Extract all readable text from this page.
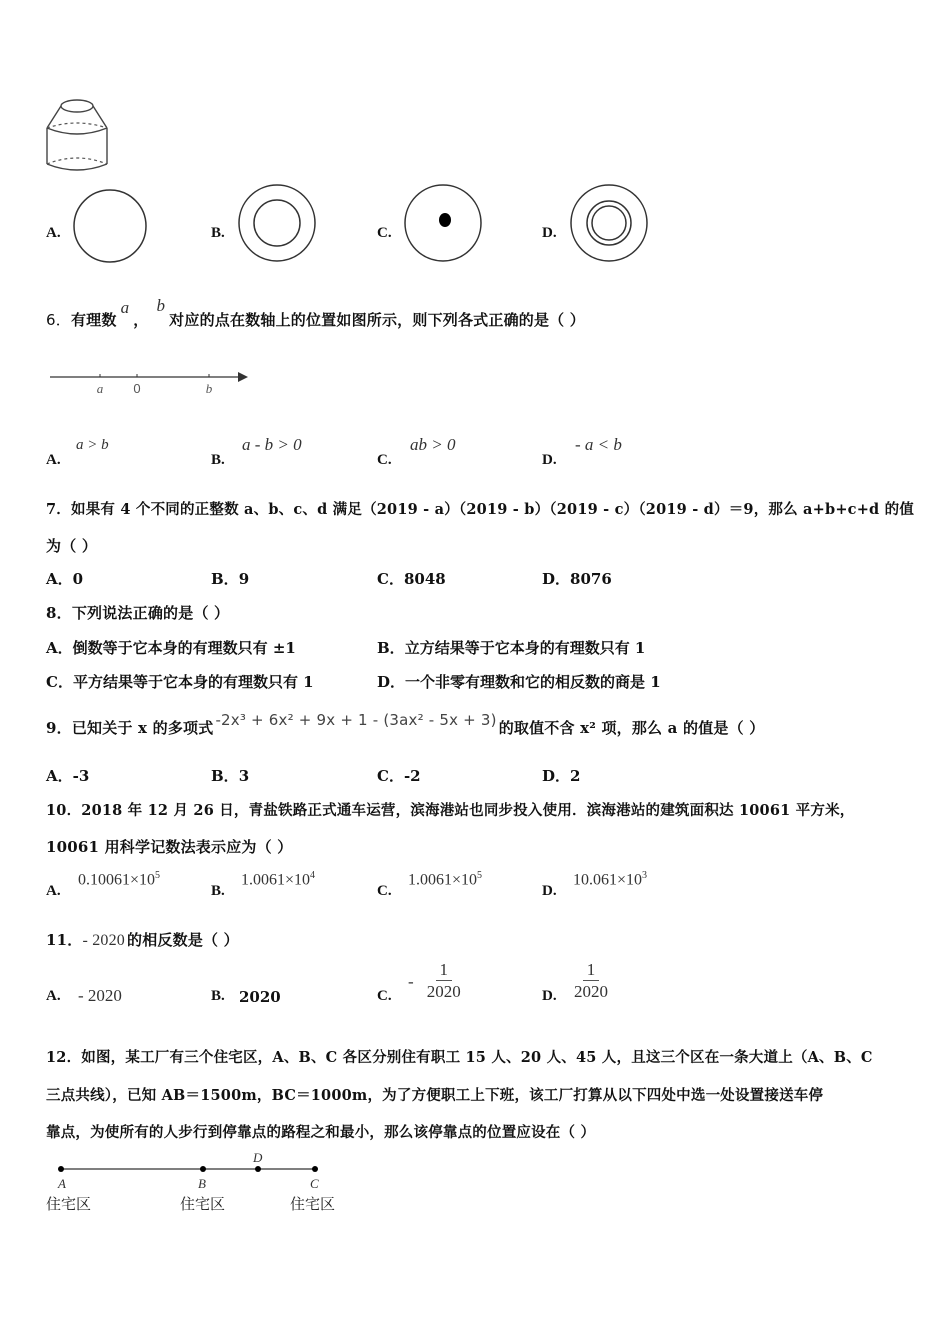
A.	B.	C.	D.
6．有理数a，b对应的点在数轴上的位置如图所示，则下列各式正确的是（ ）
a 0	b
A.
a > b
B.
a - b > 0
C.
ab > 0
D.
- a < b
7．如果有 4 个不同的正整数 a、b、c、d 满足（2019 - a）（2019 - b）（2019 - c）（2019 - d）＝9，那么 a+b+c+d 的值
为（ ）
A．0	B．9	C．8048	D．8076
8．下列说法正确的是（ ）
A．倒数等于它本身的有理数只有 ±1	B．立方结果等于它本身的有理数只有 1
C．平方结果等于它本身的有理数只有 1	D．一个非零有理数和它的相反数的商是 1
9．已知关于 x 的多项式 -2x³ + 6x² + 9x + 1 - (3ax² - 5x + 3) 的取值不含 x² 项，那么 a 的值是（ ）
A．-3	B．3	C．-2	D．2
10．2018 年 12 月 26 日，青盐铁路正式通车运营，滨海港站也同步投入使用．滨海港站的建筑面积达 10061 平方米，
10061 用科学记数法表示应为（ ）
A.
$0.10061\times 10^5$
B.
$1.0061\times 10^4$
C.
$1.0061\times 10^5$
D.
$10.061\times 10^3$
11．- 2020 的相反数是（ ）
A. - 2020	B. 2020	C.
- $\frac{1}{2020}$	D. $\frac{1}{2020}$
12．如图，某工厂有三个住宅区，A、B、C 各区分别住有职工 15 人、20 人、45 人，且这三个区在一条大道上（A、B、C
三点共线），已知 AB＝1500m，BC＝1000m，为了方便职工上下班，该工厂打算从以下四处中选一处设置接送车停
靠点，为使所有的人步行到停靠点的路程之和最小，那么该停靠点的位置应设在（ ）
A	B
D
C
住宅区	住宅区	住宅区
